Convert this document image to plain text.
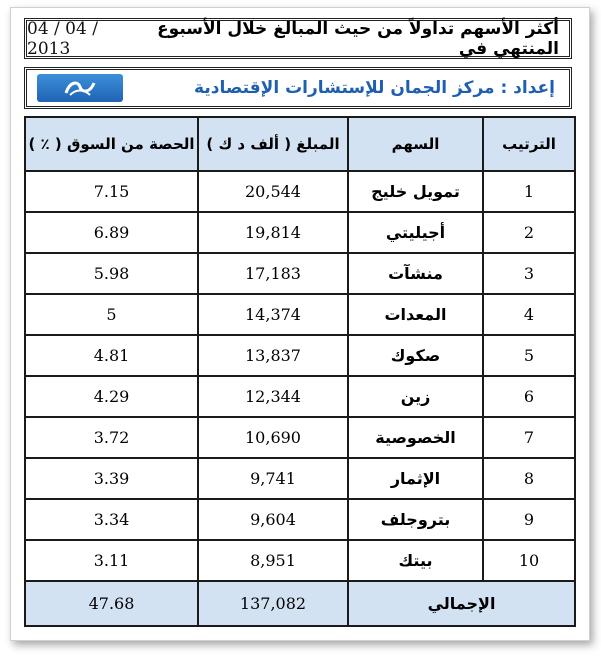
أكثر الأسهم تداولاً من حيث المبالغ خلال الأسبوع المنتهي في
04 / 04 / 2013
إعداد : مركز الجمان للإستشارات الإقتصادية
الحصة من السوق ( ٪ )	المبلغ ( ألف د ك )	السهم	الترتيب
7.15	20,544	تمويل خليج	1
6.89	19,814	أجيليتي	2
5.98	17,183	منشآت	3
5	14,374	المعدات	4
4.81	13,837	صكوك	5
4.29	12,344	زين	6
3.72	10,690	الخصوصية	7
3.39	9,741	الإثمار	8
3.34	9,604	بتروجلف	9
3.11	8,951	بيتك	10
47.68	137,082	الإجمالي	
